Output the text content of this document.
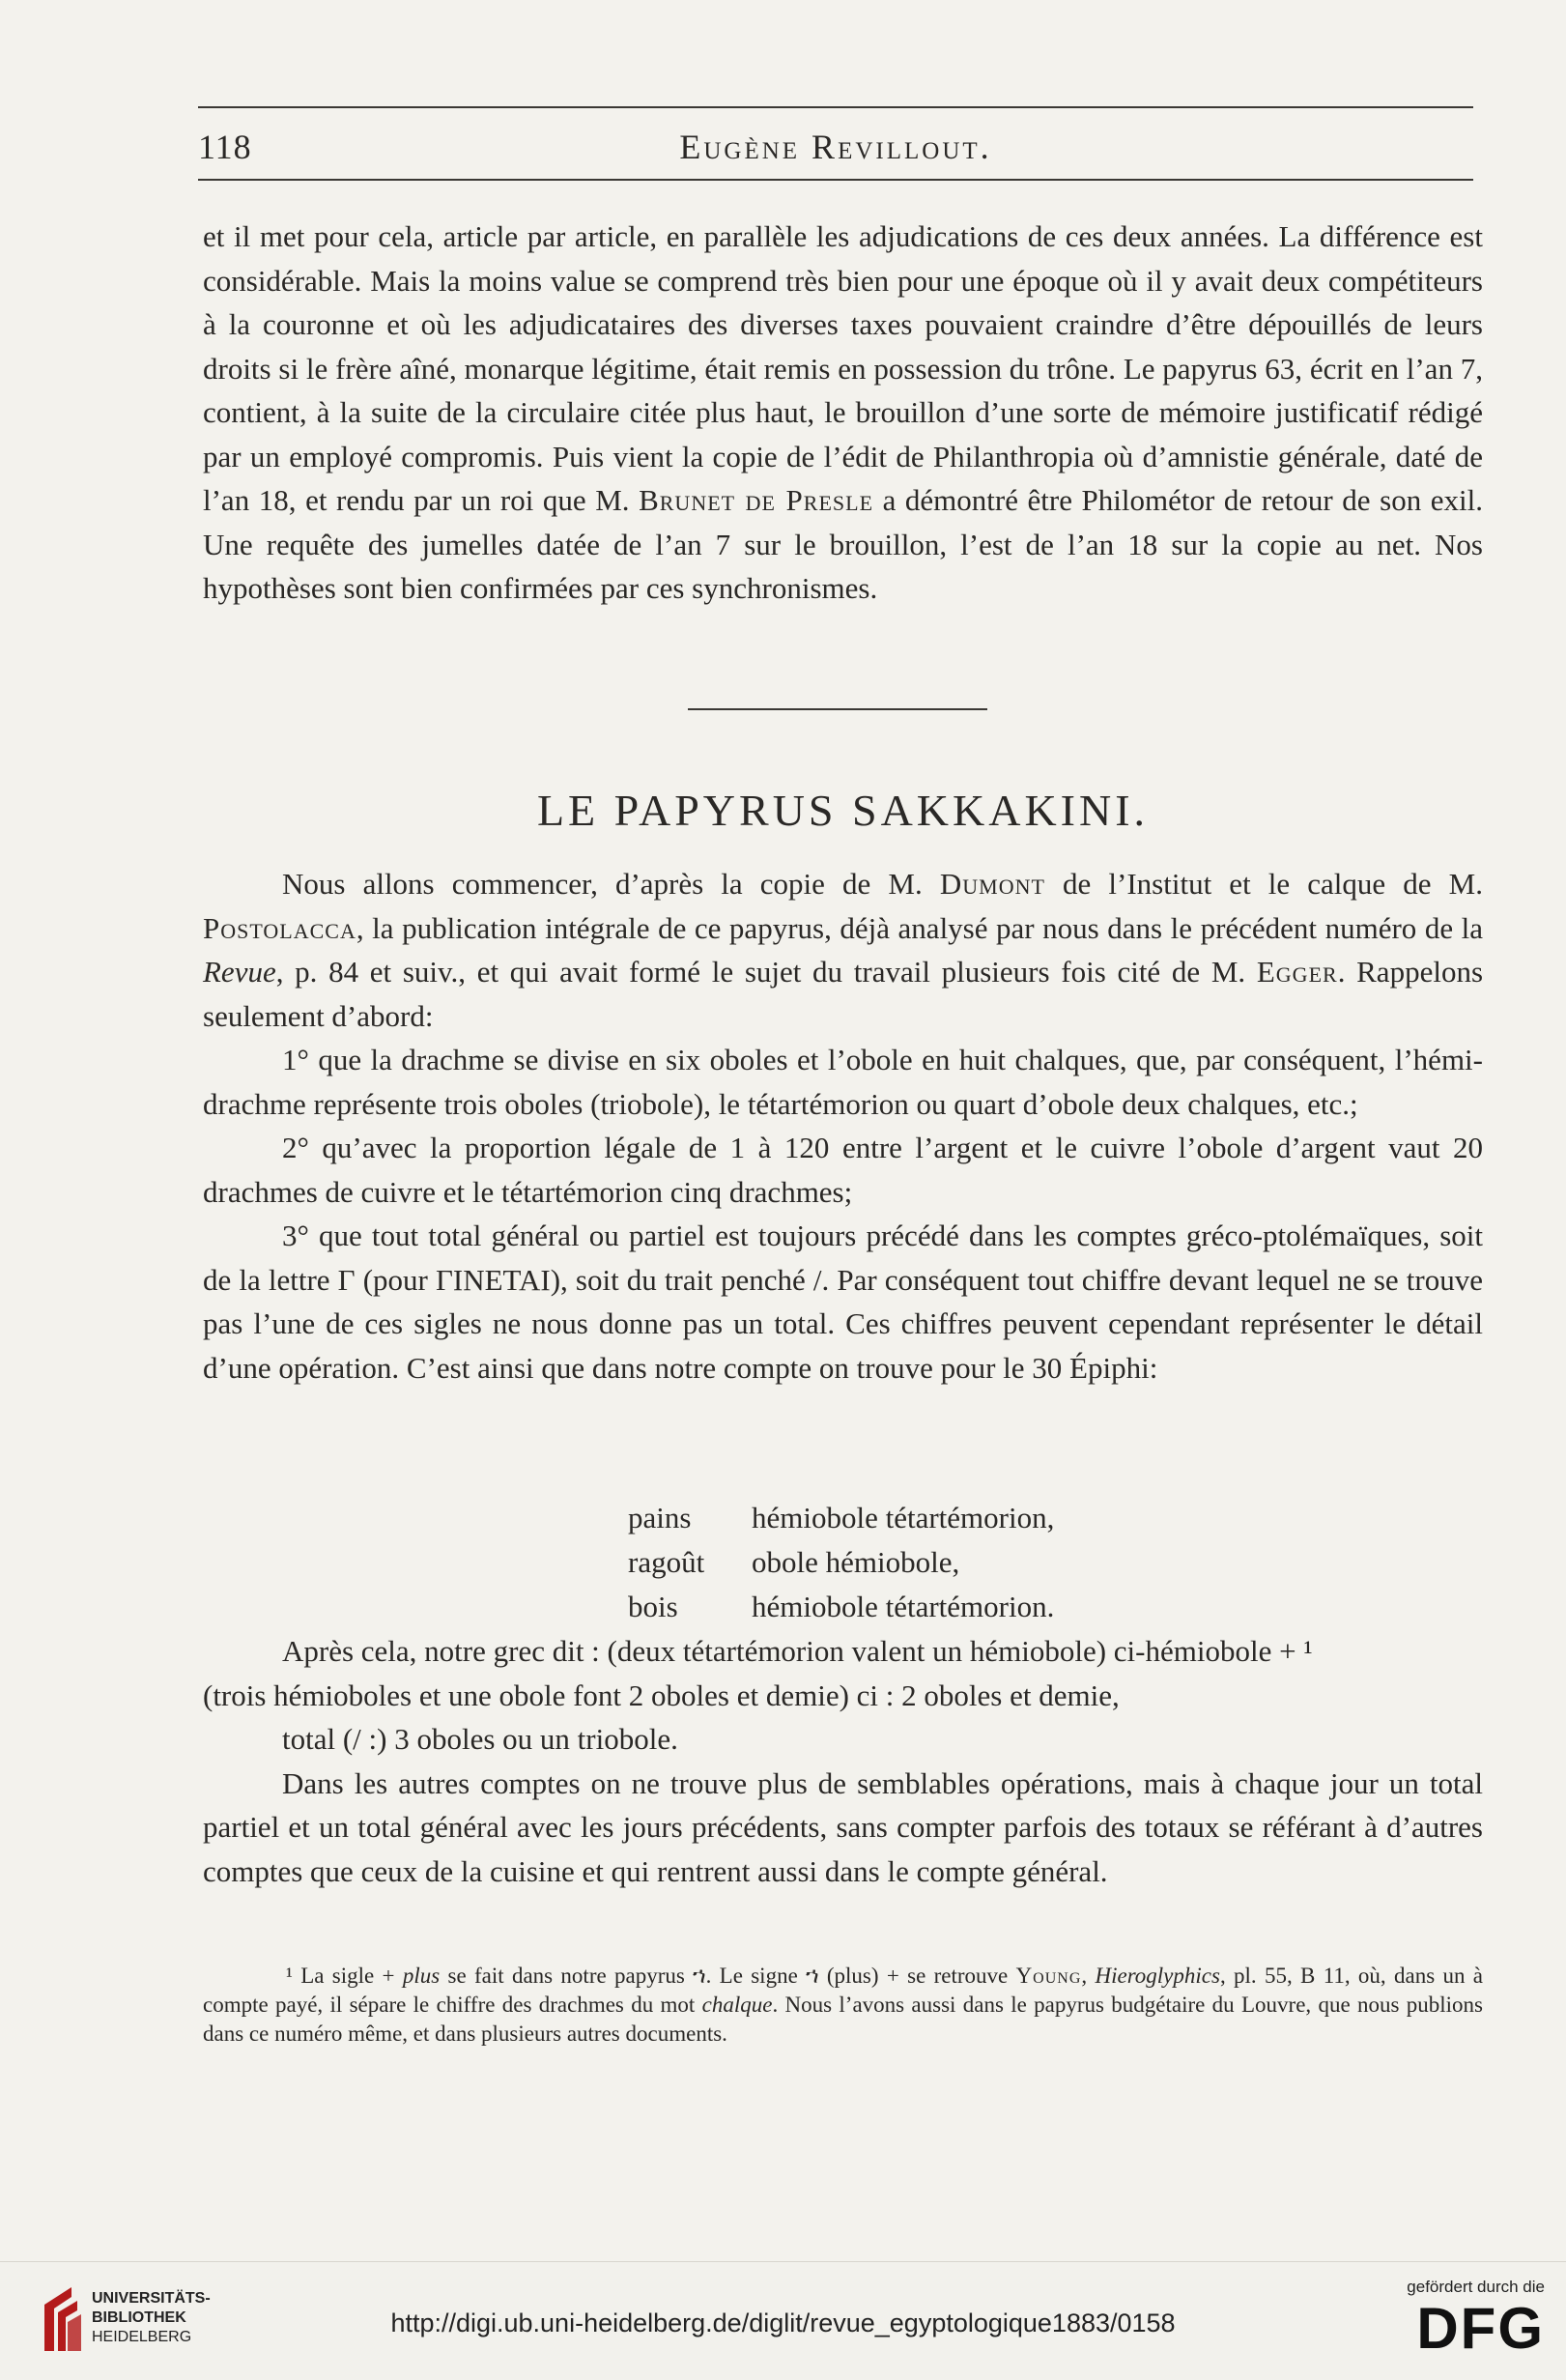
118	Eugène Revillout.

et il met pour cela, article par article, en parallèle les adjudications de ces deux années. La différence est considérable. Mais la moins value se comprend très bien pour une époque où il y avait deux compétiteurs à la couronne et où les adjudicataires des diverses taxes pouvaient craindre d’être dépouillés de leurs droits si le frère aîné, monarque légitime, était remis en possession du trône. Le papyrus 63, écrit en l’an 7, contient, à la suite de la circulaire citée plus haut, le brouillon d’une sorte de mémoire justificatif rédigé par un employé compromis. Puis vient la copie de l’édit de Philanthropia où d’amnistie générale, daté de l’an 18, et rendu par un roi que M. Brunet de Presle a démontré être Philométor de retour de son exil. Une requête des jumelles datée de l’an 7 sur le brouillon, l’est de l’an 18 sur la copie au net. Nos hypothèses sont bien confirmées par ces synchronismes.

LE PAPYRUS SAKKAKINI.

Nous allons commencer, d’après la copie de M. Dumont de l’Institut et le calque de M. Postolacca, la publication intégrale de ce papyrus, déjà analysé par nous dans le précédent numéro de la Revue, p. 84 et suiv., et qui avait formé le sujet du travail plusieurs fois cité de M. Egger. Rappelons seulement d’abord:

1° que la drachme se divise en six oboles et l’obole en huit chalques, que, par conséquent, l’hémi-drachme représente trois oboles (triobole), le tétartémorion ou quart d’obole deux chalques, etc.;

2° qu’avec la proportion légale de 1 à 120 entre l’argent et le cuivre l’obole d’argent vaut 20 drachmes de cuivre et le tétartémorion cinq drachmes;

3° que tout total général ou partiel est toujours précédé dans les comptes gréco-ptolémaïques, soit de la lettre Γ (pour ΓΙΝΕΤΑΙ), soit du trait penché /. Par conséquent tout chiffre devant lequel ne se trouve pas l’une de ces sigles ne nous donne pas un total. Ces chiffres peuvent cependant représenter le détail d’une opération. C’est ainsi que dans notre compte on trouve pour le 30 Épiphi:

pains	hémiobole tétartémorion,
ragoût	obole hémiobole,
bois	hémiobole tétartémorion.

Après cela, notre grec dit : (deux tétartémorion valent un hémiobole) ci-hémiobole + ¹

(trois hémioboles et une obole font 2 oboles et demie) ci : 2 oboles et demie,

total (/ :) 3 oboles ou un triobole.

Dans les autres comptes on ne trouve plus de semblables opérations, mais à chaque jour un total partiel et un total général avec les jours précédents, sans compter parfois des totaux se référant à d’autres comptes que ceux de la cuisine et qui rentrent aussi dans le compte général.

¹ La sigle + plus se fait dans notre papyrus ኀ. Le signe ኀ (plus) + se retrouve Young, Hieroglyphics, pl. 55, B 11, où, dans un à compte payé, il sépare le chiffre des drachmes du mot chalque. Nous l’avons aussi dans le papyrus budgétaire du Louvre, que nous publions dans ce numéro même, et dans plusieurs autres documents.

UNIVERSITÄTS-
BIBLIOTHEK
HEIDELBERG	http://digi.ub.uni-heidelberg.de/diglit/revue_egyptologique1883/0158
gefördert durch die
DFG
